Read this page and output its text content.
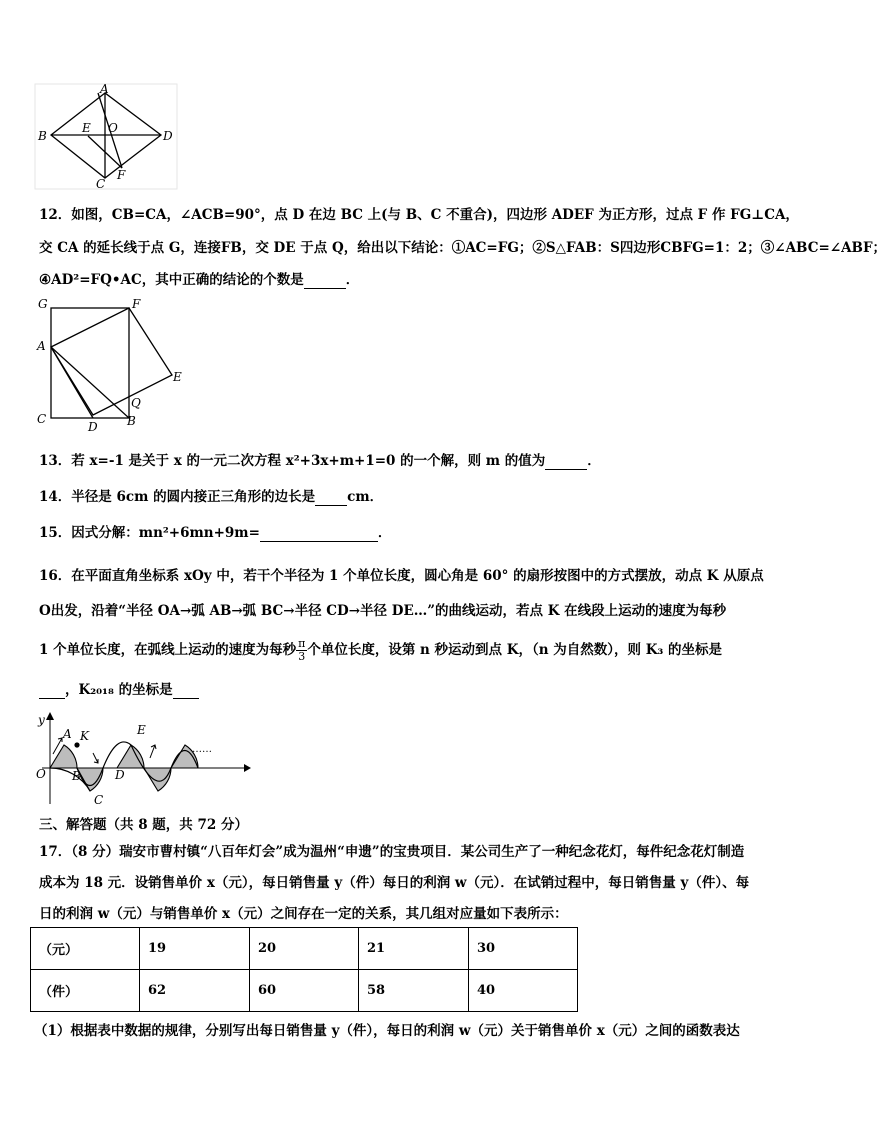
A
B
E O
D
C
F
12．如图，CB=CA，∠ACB=90°，点 D 在边 BC 上(与 B、C 不重合)，四边形 ADEF 为正方形，过点 F 作 FG⊥CA，
交 CA 的延长线于点 G，连接FB，交 DE 于点 Q，给出以下结论：①AC=FG；②S△FAB：S四边形CBFG=1：2；③∠ABC=∠ABF；
④AD²=FQ•AC，其中正确的结论的个数是	．
G	F
A
E
Q
C	B
D
13．若 x=-1 是关于 x 的一元二次方程 x²+3x+m+1=0 的一个解，则 m 的值为	．
14．半径是 6cm 的圆内接正三角形的边长是 cm．
15．因式分解：mn²+6mn+9m=	．
16．在平面直角坐标系 xOy 中，若干个半径为 1 个单位长度，圆心角是 60° 的扇形按图中的方式摆放，动点 K 从原点
O出发，沿着“半径 OA→弧 AB→弧 BC→半径 CD→半径 DE…”的曲线运动，若点 K 在线段上运动的速度为每秒
1 个单位长度，在弧线上运动的速度为每秒 $\frac{\pi}{3}$ 个单位长度，设第 n 秒运动到点 K，（n 为自然数），则 K₃ 的坐标是
，K₂₀₁₈ 的坐标是
y
A K	E
O B	D
C
……
三、解答题（共 8 题，共 72 分）
17．（8 分）瑞安市曹村镇“八百年灯会”成为温州“申遗”的宝贵项目．某公司生产了一种纪念花灯，每件纪念花灯制造
成本为 18 元．设销售单价 x（元），每日销售量 y（件）每日的利润 w（元）．在试销过程中，每日销售量 y（件）、每
日的利润 w（元）与销售单价 x（元）之间存在一定的关系，其几组对应量如下表所示：
（元）	19	20	21	30
（件）	62	60	58	40
（1）根据表中数据的规律，分别写出每日销售量 y（件），每日的利润 w（元）关于销售单价 x（元）之间的函数表达
